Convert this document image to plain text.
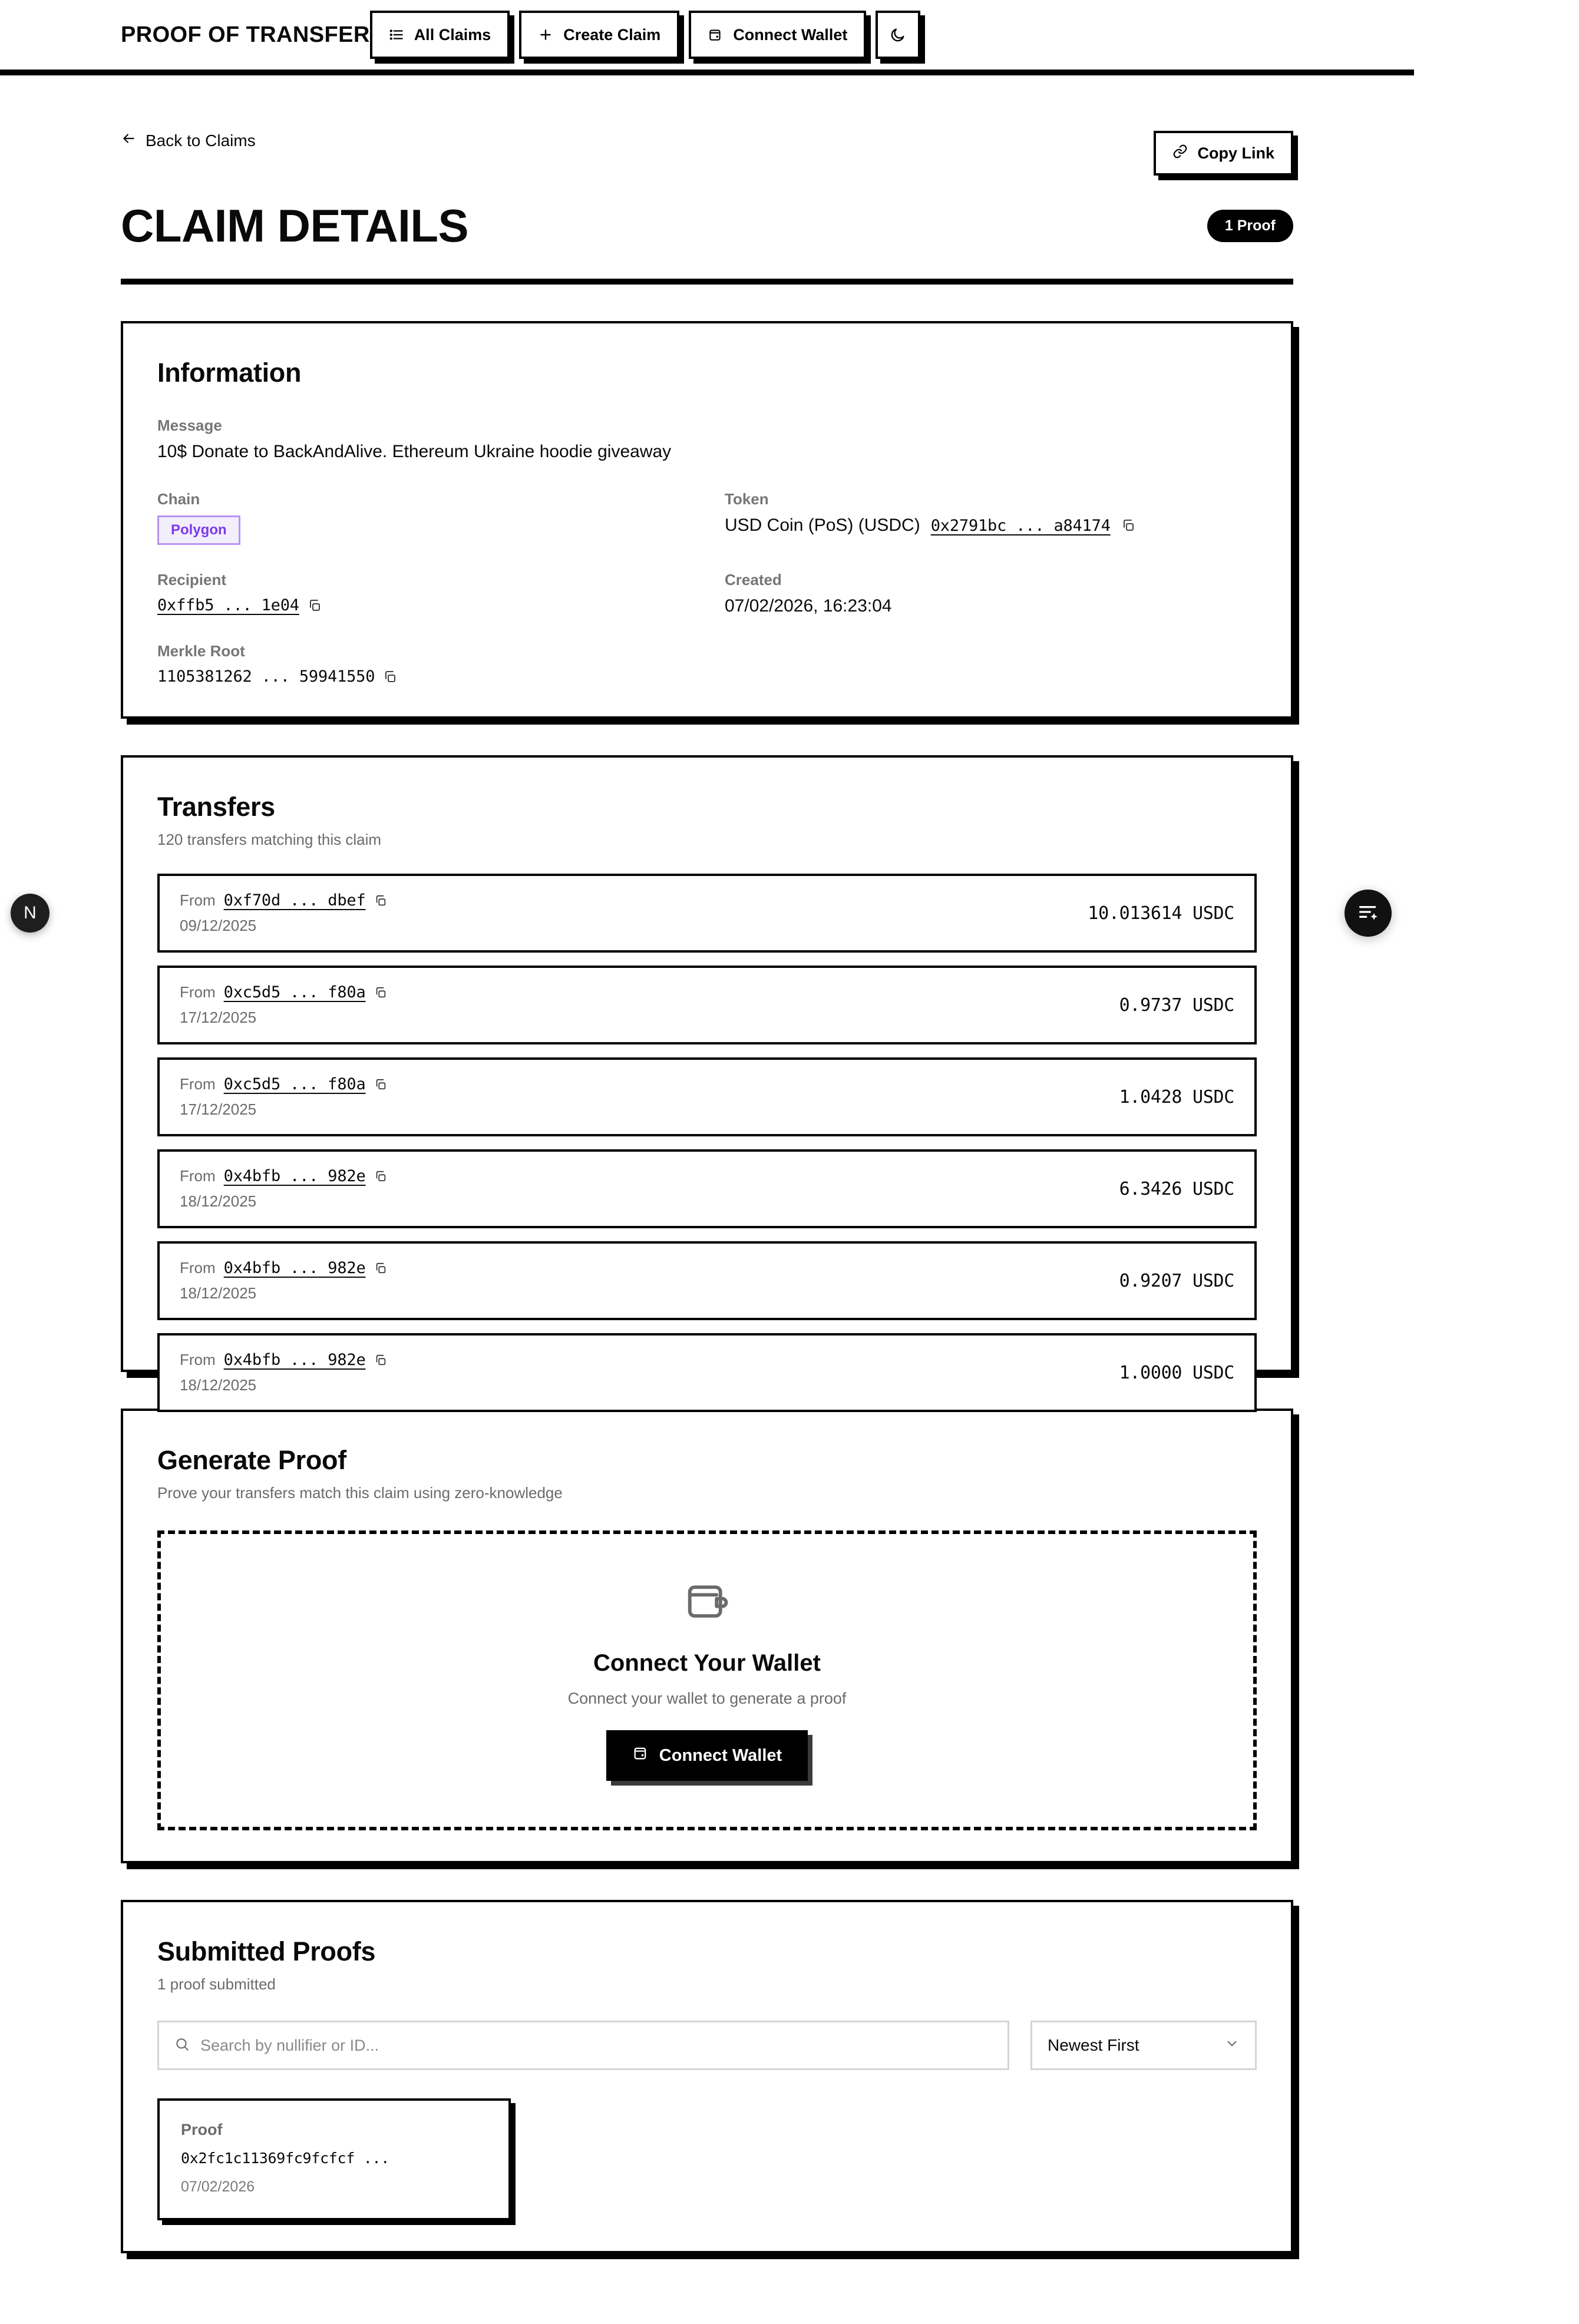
PROOF OF TRANSFER	All Claims	Create Claim	Connect Wallet
Back to Claims
Copy Link
CLAIM DETAILS	1 Proof
Information
Message
10$ Donate to BackAndAlive. Ethereum Ukraine hoodie giveaway
Chain
Polygon
Token
USD Coin (PoS) (USDC) 0x2791bc ... a84174
Recipient
0xffb5 ... 1e04
Created
07/02/2026, 16:23:04
Merkle Root
1105381262 ... 59941550
Transfers
120 transfers matching this claim
From 0xf70d ... dbef
09/12/2025
10.013614 USDC
From 0xc5d5 ... f80a
17/12/2025
0.9737 USDC
From 0xc5d5 ... f80a
17/12/2025
1.0428 USDC
From 0x4bfb ... 982e
18/12/2025
6.3426 USDC
From 0x4bfb ... 982e
18/12/2025
0.9207 USDC
From 0x4bfb ... 982e
18/12/2025
1.0000 USDC
Generate Proof
Prove your transfers match this claim using zero-knowledge
Connect Your Wallet
Connect your wallet to generate a proof
Connect Wallet
Submitted Proofs
1 proof submitted
Search by nullifier or ID...
Newest First
Proof
0x2fc1c11369fc9fcfcf ...
07/02/2026
N
